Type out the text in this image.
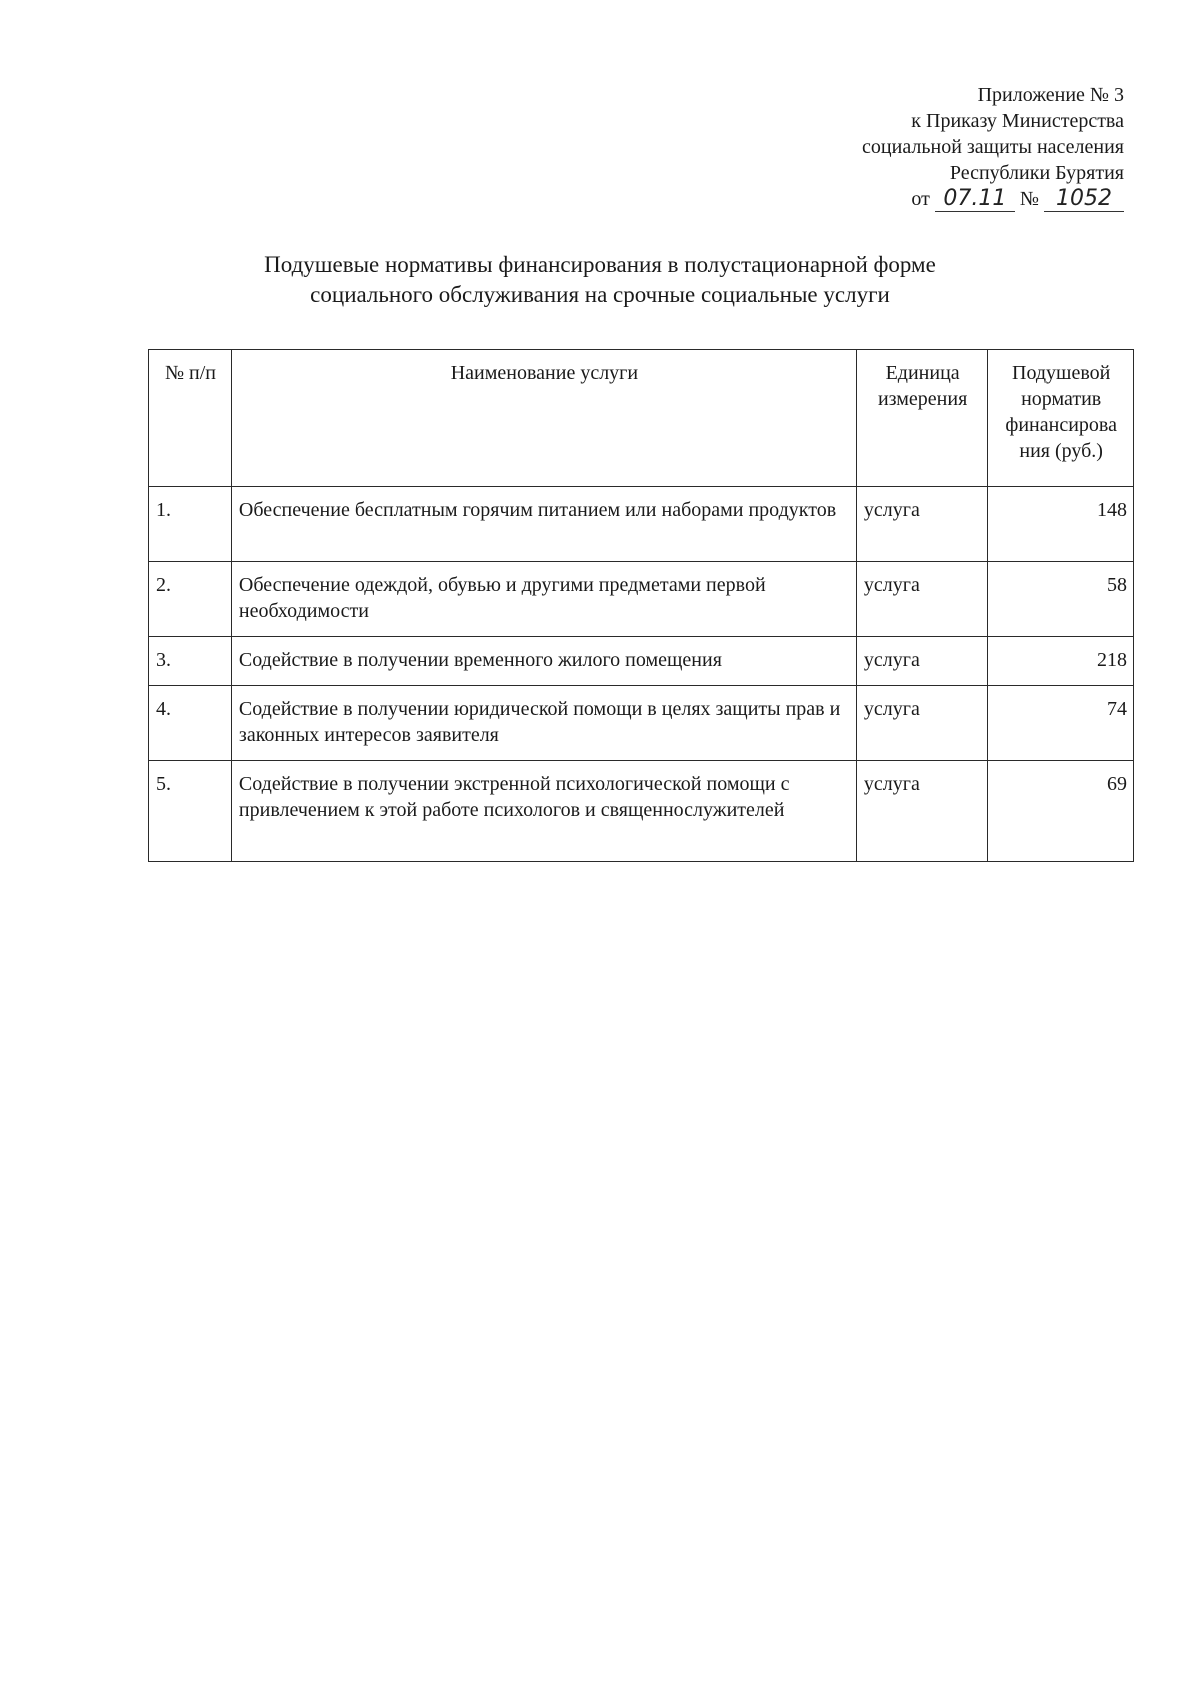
Приложение № 3
к Приказу Министерства
социальной защиты населения
Республики Бурятия
от 07.11 № 1052
Подушевые нормативы финансирования в полустационарной форме
социального обслуживания на срочные социальные услуги
№ п/п	Наименование услуги	Единица измерения	Подушевой норматив финансирова ния (руб.)
1.	Обеспечение бесплатным горячим питанием или наборами продуктов	услуга	148
2.	Обеспечение одеждой, обувью и другими предметами первой необходимости	услуга	58
3.	Содействие в получении временного жилого помещения	услуга	218
4.	Содействие в получении юридической помощи в целях защиты прав и законных интересов заявителя	услуга	74
5.	Содействие в получении экстренной психологической помощи с привлечением к этой работе психологов и священнослужителей	услуга	69
